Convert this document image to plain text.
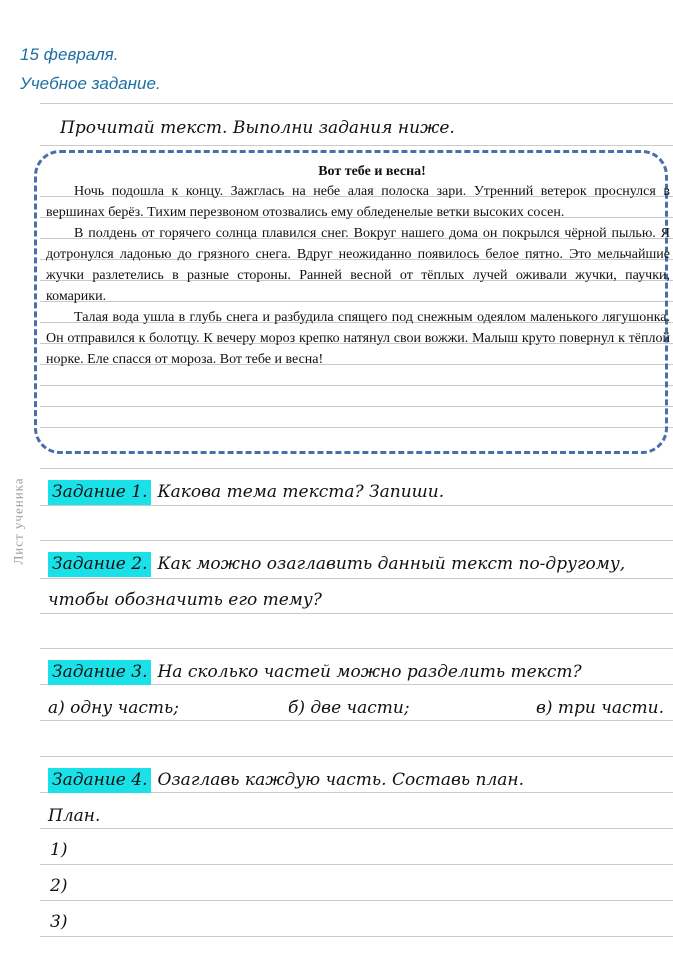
15 февраля.
Учебное задание.
Прочитай текст. Выполни задания ниже.

Вот тебе и весна!

Ночь подошла к концу. Зажглась на небе алая полоска зари. Утренний ветерок проснулся в вершинах берёз. Тихим перезвоном отозвались ему обледенелые ветки высоких сосен.

В полдень от горячего солнца плавился снег. Вокруг нашего дома он покрылся чёрной пылью. Я дотронулся ладонью до грязного снега. Вдруг неожиданно появилось белое пятно. Это мельчайшие жучки разлетелись в разные стороны. Ранней весной от тёплых лучей оживали жучки, паучки, комарики.

Талая вода ушла в глубь снега и разбудила спящего под снежным одеялом маленького лягушонка. Он отправился к болотцу. К вечеру мороз крепко натянул свои вожжи. Малыш круто повернул к тёплой норке. Еле спасся от мороза. Вот тебе и весна!

Лист ученика Задание 1. Какова тема текста? Запиши.
Задание 2. Как можно озаглавить данный текст по-другому,
чтобы обозначить его тему?
Задание 3. На сколько частей можно разделить текст?
а) одну часть;	б) две части;	в) три части.
Задание 4. Озаглавь каждую часть. Составь план.
План.
1)
2)
3)
